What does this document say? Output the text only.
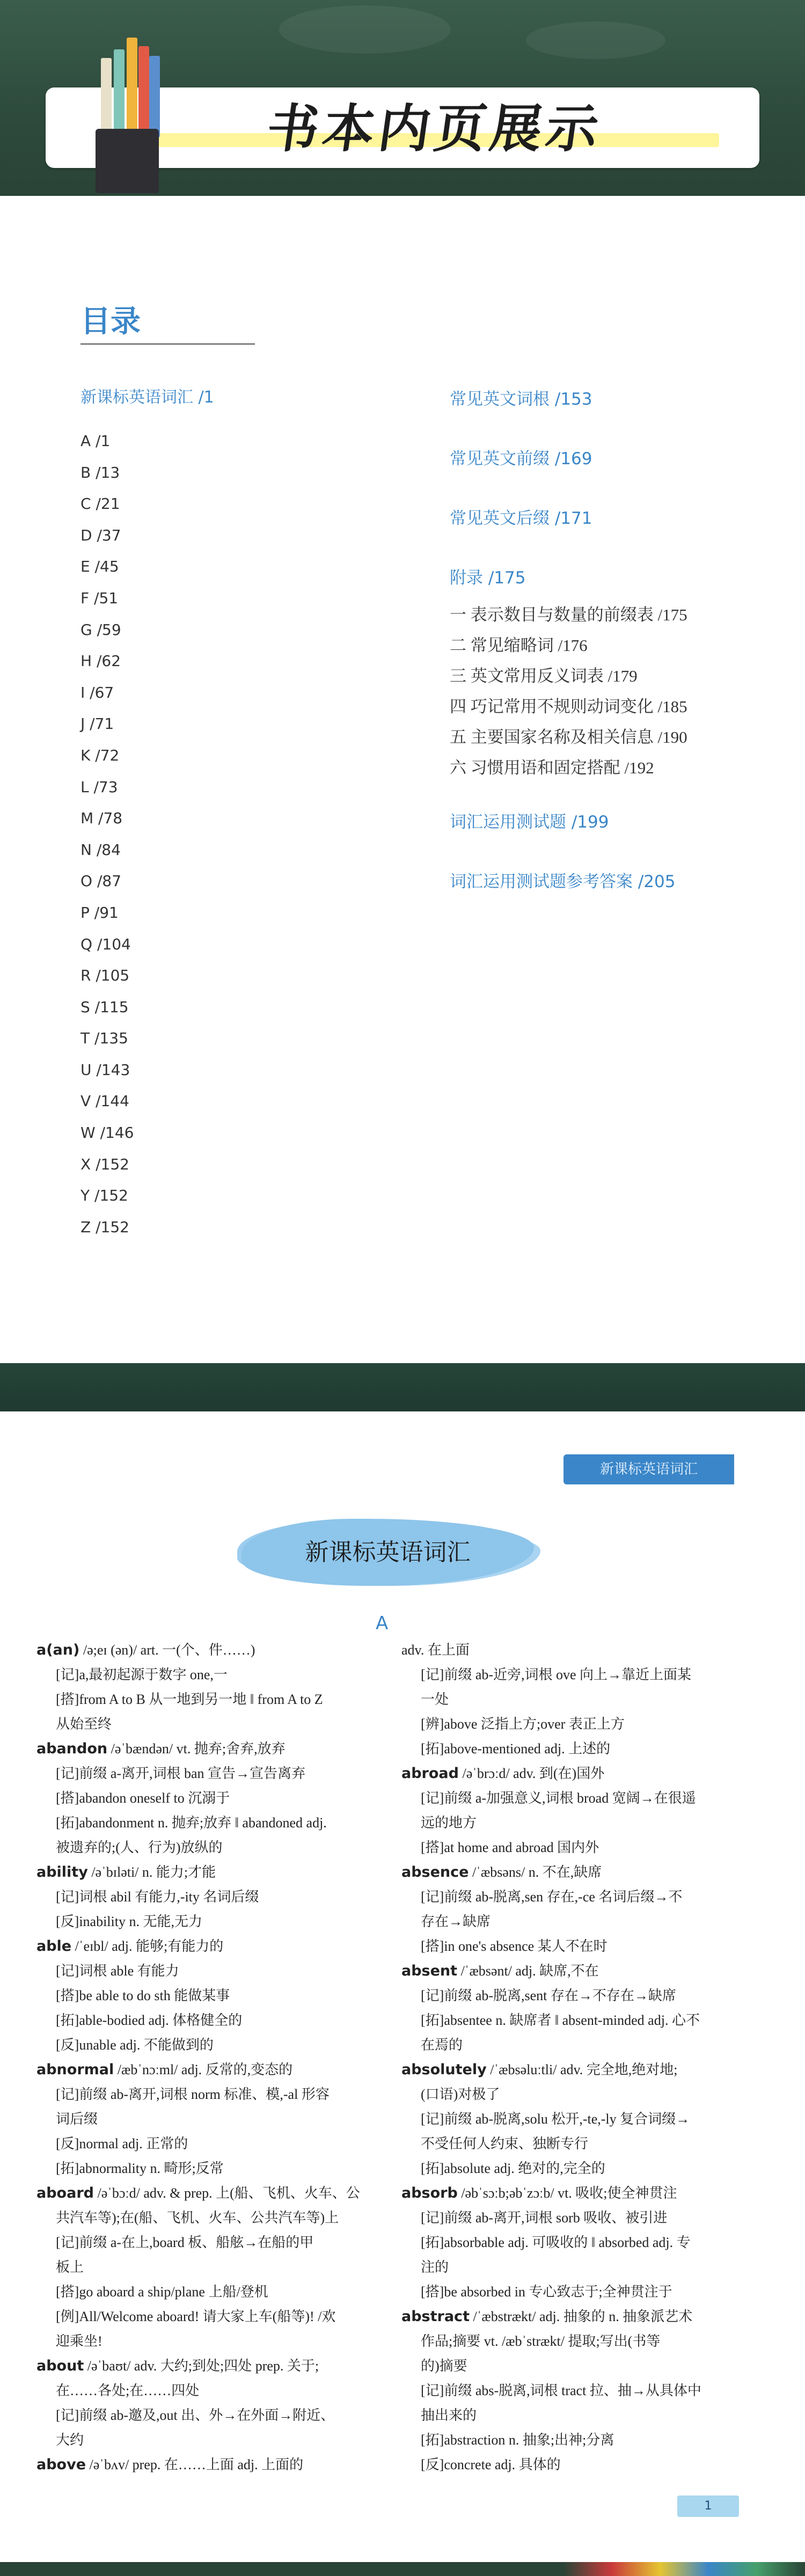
书本内页展示
目录
新课标英语词汇 /1
A /1
B /13
C /21
D /37
E /45
F /51
G /59
H /62
I /67
J /71
K /72
L /73
M /78
N /84
O /87
P /91
Q /104
R /105
S /115
T /135
U /143
V /144
W /146
X /152
Y /152
Z /152
常见英文词根 /153
常见英文前缀 /169
常见英文后缀 /171
附录 /175
一 表示数目与数量的前缀表 /175
二 常见缩略词 /176
三 英文常用反义词表 /179
四 巧记常用不规则动词变化 /185
五 主要国家名称及相关信息 /190
六 习惯用语和固定搭配 /192
词汇运用测试题 /199
词汇运用测试题参考答案 /205
新课标英语词汇
新课标英语词汇
A
a(an) /ə;eɪ (ən)/ art. 一(个、件……)
[记]a,最初起源于数字 one,一
[搭]from A to B 从一地到另一地 ‖ from A to Z
从始至终
abandon /əˈbændən/ vt. 抛弃;舍弃,放弃
[记]前缀 a-离开,词根 ban 宣告→宣告离弃
[搭]abandon oneself to 沉溺于
[拓]abandonment n. 抛弃;放弃 ‖ abandoned adj.
被遗弃的;(人、行为)放纵的
ability /əˈbɪləti/ n. 能力;才能
[记]词根 abil 有能力,-ity 名词后缀
[反]inability n. 无能,无力
able /ˈeɪbl/ adj. 能够;有能力的
[记]词根 able 有能力
[搭]be able to do sth 能做某事
[拓]able-bodied adj. 体格健全的
[反]unable adj. 不能做到的
abnormal /æbˈnɔːml/ adj. 反常的,变态的
[记]前缀 ab-离开,词根 norm 标准、模,-al 形容
词后缀
[反]normal adj. 正常的
[拓]abnormality n. 畸形;反常
aboard /əˈbɔːd/ adv. & prep. 上(船、飞机、火车、公
共汽车等);在(船、飞机、火车、公共汽车等)上
[记]前缀 a-在上,board 板、船舷→在船的甲
板上
[搭]go aboard a ship/plane 上船/登机
[例]All/Welcome aboard! 请大家上车(船等)! /欢
迎乘坐!
about /əˈbaʊt/ adv. 大约;到处;四处 prep. 关于;
在……各处;在……四处
[记]前缀 ab-邀及,out 出、外→在外面→附近、
大约
above /əˈbʌv/ prep. 在……上面 adj. 上面的
adv. 在上面
[记]前缀 ab-近旁,词根 ove 向上→靠近上面某
一处
[辨]above 泛指上方;over 表正上方
[拓]above-mentioned adj. 上述的
abroad /əˈbrɔːd/ adv. 到(在)国外
[记]前缀 a-加强意义,词根 broad 宽阔→在很遥
远的地方
[搭]at home and abroad 国内外
absence /ˈæbsəns/ n. 不在,缺席
[记]前缀 ab-脱离,sen 存在,-ce 名词后缀→不
存在→缺席
[搭]in one's absence 某人不在时
absent /ˈæbsənt/ adj. 缺席,不在
[记]前缀 ab-脱离,sent 存在→不存在→缺席
[拓]absentee n. 缺席者 ‖ absent-minded adj. 心不
在焉的
absolutely /ˈæbsəluːtli/ adv. 完全地,绝对地;
(口语)对极了
[记]前缀 ab-脱离,solu 松开,-te,-ly 复合词缀→
不受任何人约束、独断专行
[拓]absolute adj. 绝对的,完全的
absorb /əbˈsɔːb;əbˈzɔːb/ vt. 吸收;使全神贯注
[记]前缀 ab-离开,词根 sorb 吸收、被引进
[拓]absorbable adj. 可吸收的 ‖ absorbed adj. 专
注的
[搭]be absorbed in 专心致志于;全神贯注于
abstract /ˈæbstrækt/ adj. 抽象的 n. 抽象派艺术
作品;摘要 vt. /æbˈstrækt/ 提取;写出(书等
的)摘要
[记]前缀 abs-脱离,词根 tract 拉、抽→从具体中
抽出来的
[拓]abstraction n. 抽象;出神;分离
[反]concrete adj. 具体的
1
